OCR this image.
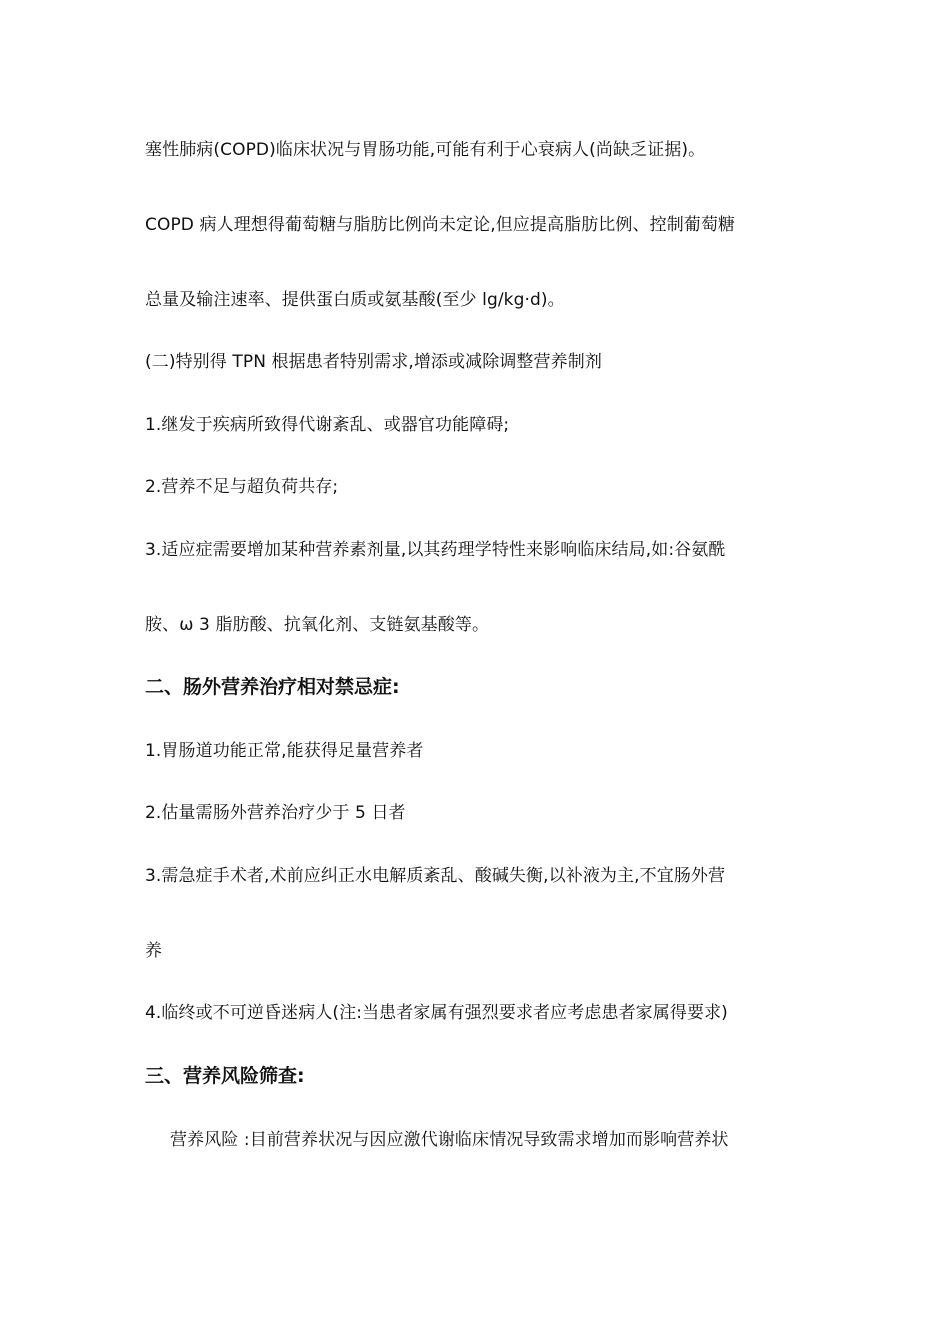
塞性肺病(COPD)临床状况与胃肠功能,可能有利于心衰病人(尚缺乏证据)。
COPD 病人理想得葡萄糖与脂肪比例尚未定论,但应提高脂肪比例、控制葡萄糖
总量及输注速率、提供蛋白质或氨基酸(至少 lg/kg·d)。
(二)特别得 TPN 根据患者特别需求,增添或减除调整营养制剂
1.继发于疾病所致得代谢紊乱、或器官功能障碍;
2.营养不足与超负荷共存;
3.适应症需要增加某种营养素剂量,以其药理学特性来影响临床结局,如:谷氨酰
胺、ω 3 脂肪酸、抗氧化剂、支链氨基酸等。
二、肠外营养治疗相对禁忌症:
1.胃肠道功能正常,能获得足量营养者
2.估量需肠外营养治疗少于 5 日者
3.需急症手术者,术前应纠正水电解质紊乱、酸碱失衡,以补液为主,不宜肠外营
养
4.临终或不可逆昏迷病人(注:当患者家属有强烈要求者应考虑患者家属得要求)
三、营养风险筛查:
营养风险 :目前营养状况与因应激代谢临床情况导致需求增加而影响营养状
